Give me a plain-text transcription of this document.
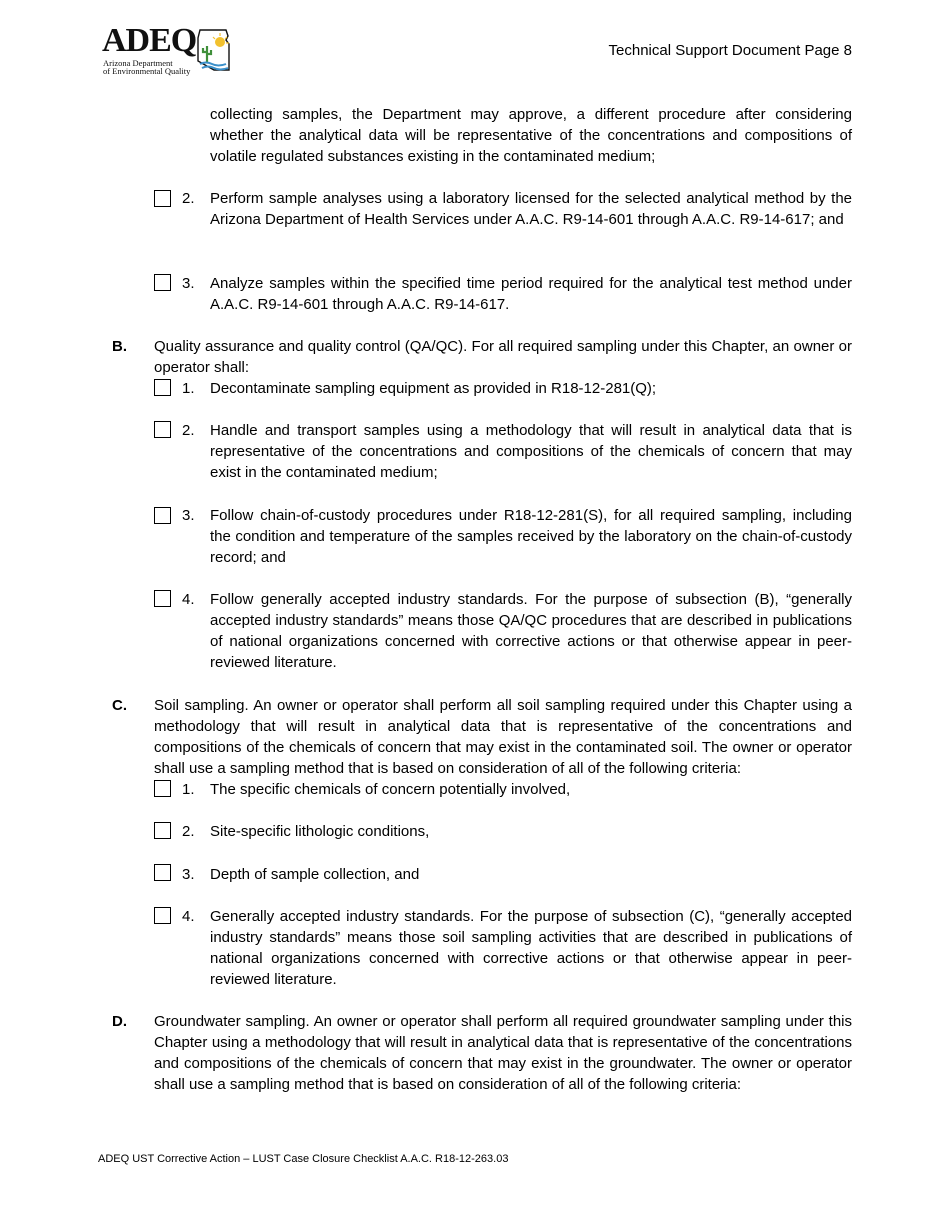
ADEQ
Arizona Department
of Environmental Quality
Technical Support Document Page 8

collecting samples, the Department may approve, a different procedure after considering whether the analytical data will be representative of the concentrations and compositions of volatile regulated substances existing in the contaminated medium;

2. Perform sample analyses using a laboratory licensed for the selected analytical method by the Arizona Department of Health Services under A.A.C. R9-14-601 through A.A.C. R9-14-617; and

3. Analyze samples within the specified time period required for the analytical test method under A.A.C. R9-14-601 through A.A.C. R9-14-617.

B. Quality assurance and quality control (QA/QC). For all required sampling under this Chapter, an owner or operator shall:

1. Decontaminate sampling equipment as provided in R18-12-281(Q);

2. Handle and transport samples using a methodology that will result in analytical data that is representative of the concentrations and compositions of the chemicals of concern that may exist in the contaminated medium;

3. Follow chain-of-custody procedures under R18-12-281(S), for all required sampling, including the condition and temperature of the samples received by the laboratory on the chain-of-custody record; and

4. Follow generally accepted industry standards. For the purpose of subsection (B), “generally accepted industry standards” means those QA/QC procedures that are described in publications of national organizations concerned with corrective actions or that otherwise appear in peer-reviewed literature.

C. Soil sampling. An owner or operator shall perform all soil sampling required under this Chapter using a methodology that will result in analytical data that is representative of the concentrations and compositions of the chemicals of concern that may exist in the contaminated soil. The owner or operator shall use a sampling method that is based on consideration of all of the following criteria:

1. The specific chemicals of concern potentially involved,

2. Site-specific lithologic conditions,

3. Depth of sample collection, and

4. Generally accepted industry standards. For the purpose of subsection (C), “generally accepted industry standards” means those soil sampling activities that are described in publications of national organizations concerned with corrective actions or that otherwise appear in peer-reviewed literature.

D. Groundwater sampling. An owner or operator shall perform all required groundwater sampling under this Chapter using a methodology that will result in analytical data that is representative of the concentrations and compositions of the chemicals of concern that may exist in the groundwater. The owner or operator shall use a sampling method that is based on consideration of all of the following criteria:

ADEQ UST Corrective Action – LUST Case Closure Checklist A.A.C. R18-12-263.03
